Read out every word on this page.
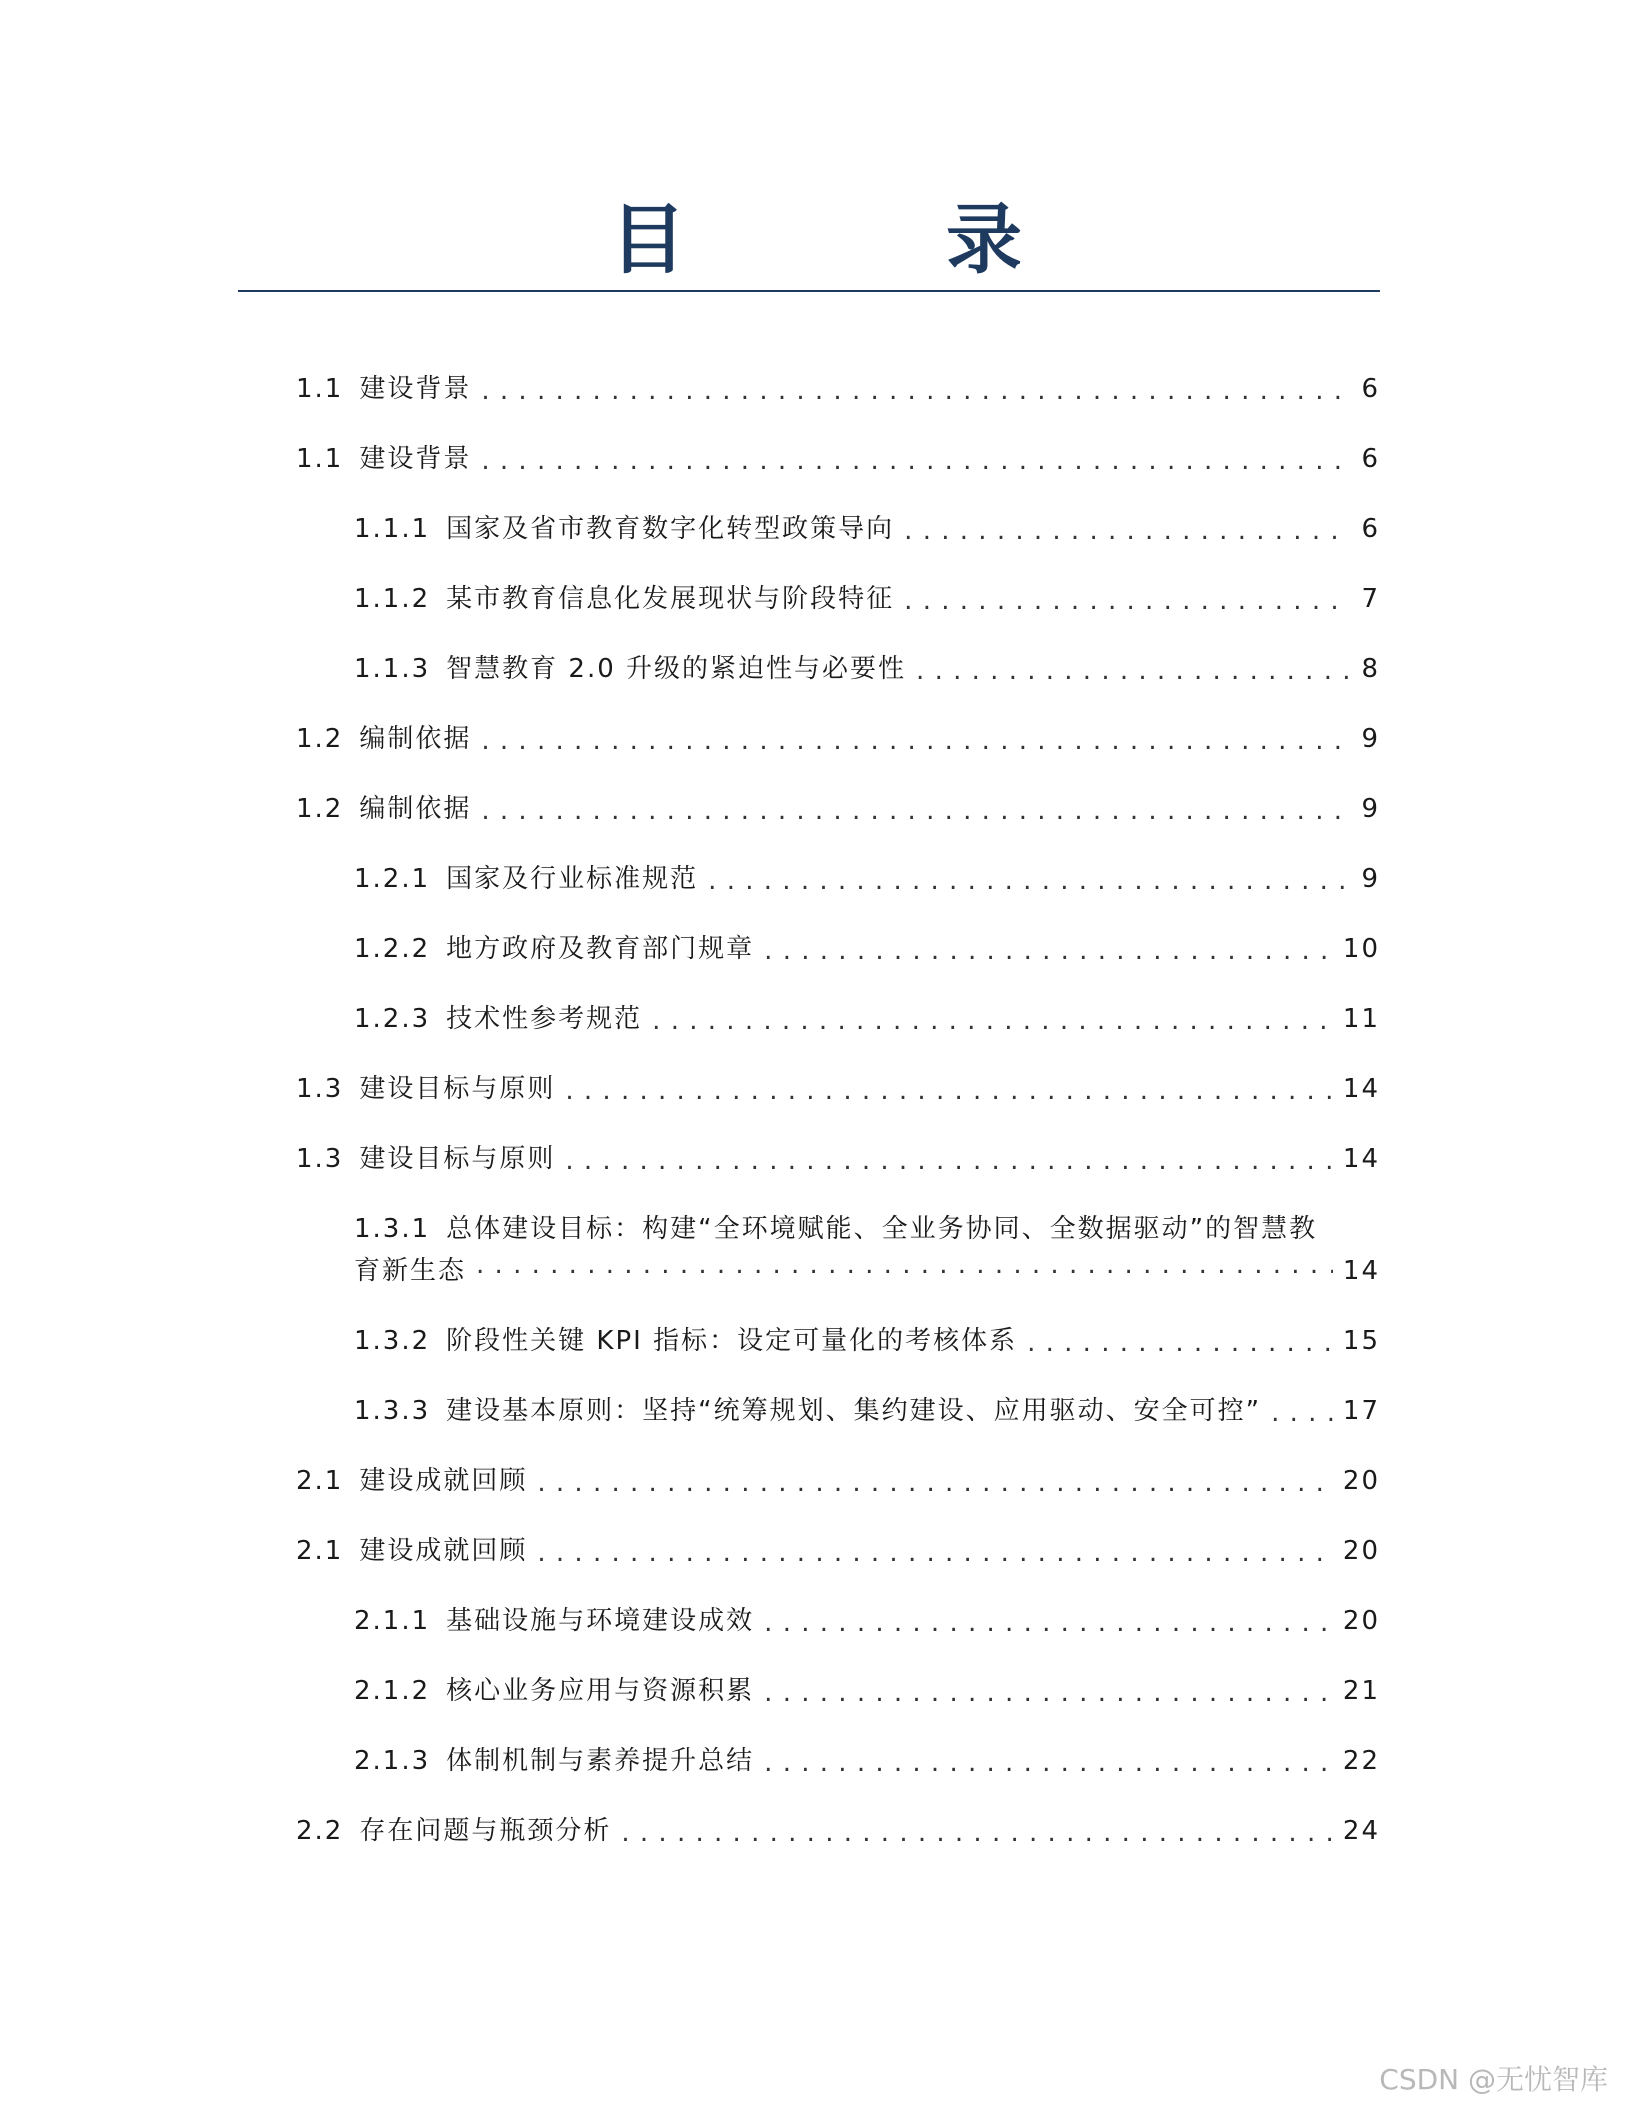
目　录
1.1 建设背景 . . .	6
1.1 建设背景 . . .	6
1.1.1 国家及省市教育数字化转型政策导向 . . .	6
1.1.2 某市教育信息化发展现状与阶段特征 . . .	7
1.1.3 智慧教育 2.0 升级的紧迫性与必要性 . . .	8
1.2 编制依据 . . .	9
1.2 编制依据 . . .	9
1.2.1 国家及行业标准规范 . . .	9
1.2.2 地方政府及教育部门规章 . . .	10
1.2.3 技术性参考规范 . . .	11
1.3 建设目标与原则 . . .	14
1.3 建设目标与原则 . . .	14
1.3.1 总体建设目标：构建“全环境赋能、全业务协同、全数据驱动”的智慧教
育新生态 . . .	14
1.3.2 阶段性关键 KPI 指标：设定可量化的考核体系 . . .	15
1.3.3 建设基本原则：坚持“统筹规划、集约建设、应用驱动、安全可控” . . .	17
2.1 建设成就回顾 . . .	20
2.1 建设成就回顾 . . .	20
2.1.1 基础设施与环境建设成效 . . .	20
2.1.2 核心业务应用与资源积累 . . .	21
2.1.3 体制机制与素养提升总结 . . .	22
2.2 存在问题与瓶颈分析 . . .	24
CSDN @无忧智库
